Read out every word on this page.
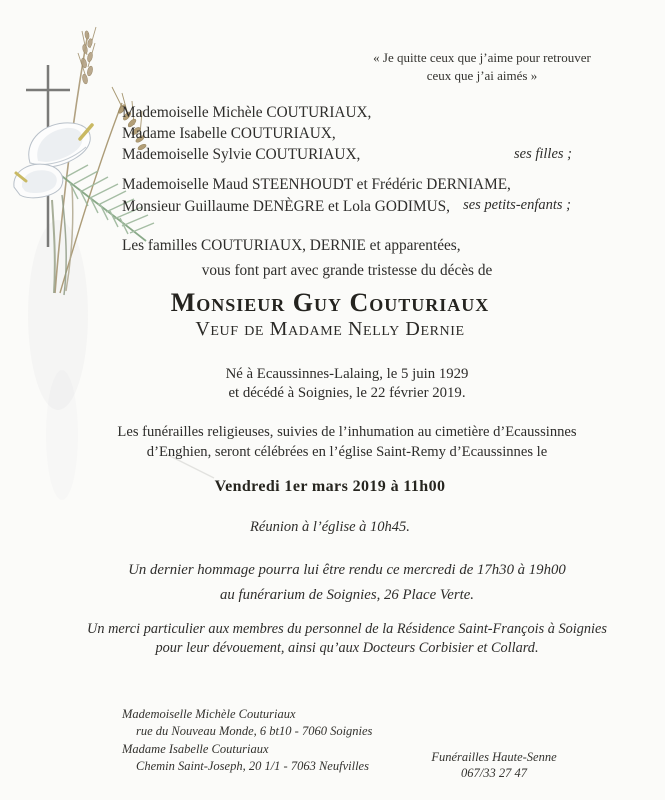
« Je quitte ceux que j’aime pour retrouver
ceux que j’ai aimés »
Mademoiselle Michèle COUTURIAUX,
Madame Isabelle COUTURIAUX,
Mademoiselle Sylvie COUTURIAUX,	ses filles ;
Mademoiselle Maud STEENHOUDT et Frédéric DERNIAME,
Monsieur Guillaume DENÈGRE et Lola GODIMUS, ses petits-enfants ;
Les familles COUTURIAUX, DERNIE et apparentées,
vous font part avec grande tristesse du décès de
Monsieur Guy Couturiaux
Veuf de Madame Nelly Dernie
Né à Ecaussinnes-Lalaing, le 5 juin 1929
et décédé à Soignies, le 22 février 2019.
Les funérailles religieuses, suivies de l’inhumation au cimetière d’Ecaussinnes
d’Enghien, seront célébrées en l’église Saint-Remy d’Ecaussinnes le
Vendredi 1er mars 2019 à 11h00
Réunion à l’église à 10h45.
Un dernier hommage pourra lui être rendu ce mercredi de 17h30 à 19h00
au funérarium de Soignies, 26 Place Verte.
Un merci particulier aux membres du personnel de la Résidence Saint-François à Soignies
pour leur dévouement, ainsi qu’aux Docteurs Corbisier et Collard.
Mademoiselle Michèle Couturiaux
rue du Nouveau Monde, 6 bt10 - 7060 Soignies
Madame Isabelle Couturiaux
Chemin Saint-Joseph, 20 1/1 - 7063 Neufvilles
Funérailles Haute-Senne
067/33 27 47
